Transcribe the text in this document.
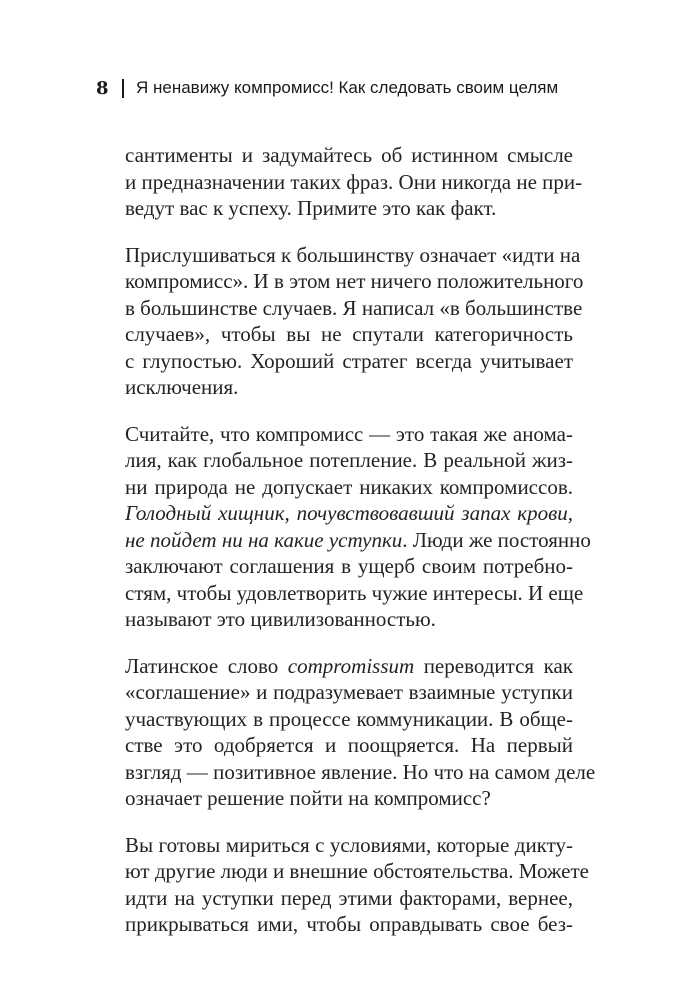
8	Я ненавижу компромисс! Как следовать своим целям
сантименты и задумайтесь об истинном смысле
и предназначении таких фраз. Они никогда не при-
ведут вас к успеху. Примите это как факт.
Прислушиваться к большинству означает «идти на
компромисс». И в этом нет ничего положительного
в большинстве случаев. Я написал «в большинстве
случаев», чтобы вы не спутали категоричность
с глупостью. Хороший стратег всегда учитывает
исключения.
Считайте, что компромисс — это такая же анома-
лия, как глобальное потепление. В реальной жиз-
ни природа не допускает никаких компромиссов.
Голодный хищник, почувствовавший запах крови,
не пойдет ни на какие уступки. Люди же постоянно
заключают соглашения в ущерб своим потребно-
стям, чтобы удовлетворить чужие интересы. И еще
называют это цивилизованностью.
Латинское слово compromissum переводится как
«соглашение» и подразумевает взаимные уступки
участвующих в процессе коммуникации. В обще-
стве это одобряется и поощряется. На первый
взгляд — позитивное явление. Но что на самом деле
означает решение пойти на компромисс?
Вы готовы мириться с условиями, которые дикту-
ют другие люди и внешние обстоятельства. Можете
идти на уступки перед этими факторами, вернее,
прикрываться ими, чтобы оправдывать свое без-
